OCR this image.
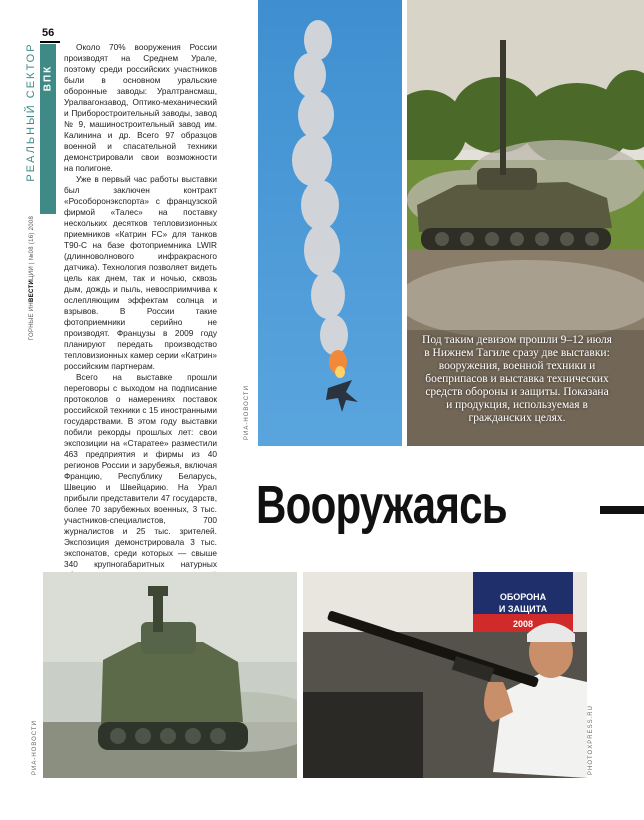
56
ВПК
РЕАЛЬНЫЙ СЕКТОР
ГОРНЫЕ ИНВЕСТИЦИИ | №08 (16) 2008

Около 70% вооружения России производят на Среднем Урале, поэтому среди российских участников были в основном уральские оборонные заводы: Уралтрансмаш, Уралвагонзавод, Оптико-механический и Приборостроительный заводы, завод № 9, машиностроительный завод им. Калинина и др. Всего 97 образцов военной и спасательной техники демонстрировали свои возможности на полигоне.

Уже в первый час работы выставки был заключен контракт «Рособоронэкспорта» с французской фирмой «Талес» на поставку нескольких десятков тепловизионных приемников «Катрин FC» для танков Т90-С на базе фотоприемника LWIR (длинноволнового инфракрасного датчика). Технология позволяет видеть цель как днем, так и ночью, сквозь дым, дождь и пыль, невосприимчива к ослепляющим эффектам солнца и взрывов. В России такие фотоприемники серийно не производят. Французы в 2009 году планируют передать производство тепловизионных камер серии «Катрин» российским партнерам.

Всего на выставке прошли переговоры с выходом на подписание протоколов о намерениях поставок российской техники с 15 иностранными государствами. В этом году выставки побили рекорды прошлых лет: свои экспозиции на «Старатеe» разместили 463 предприятия и фирмы из 40 регионов России и зарубежья, включая Францию, Республику Беларусь, Швецию и Швейцарию. На Урал прибыли представители 47 государств, более 70 зарубежных военных, 3 тыс. участников-специалистов, 700 журналистов и 25 тыс. зрителей. Экспозиция демонстрировала 3 тыс. экспонатов, среди которых — свыше 340 крупногабаритных натурных

РИА-НОВОСТИ
Под таким девизом прошли 9–12 июля в Нижнем Тагиле сразу две выставки: вооружения, военной техники и боеприпасов и выставка технических средств обороны и защиты. Показана и продукция, используемая в гражданских целях.
Вооружаясь
РИА-НОВОСТИ
ОБОРОНА
И ЗАЩИТА
2008
PHOTOXPRESS.RU
